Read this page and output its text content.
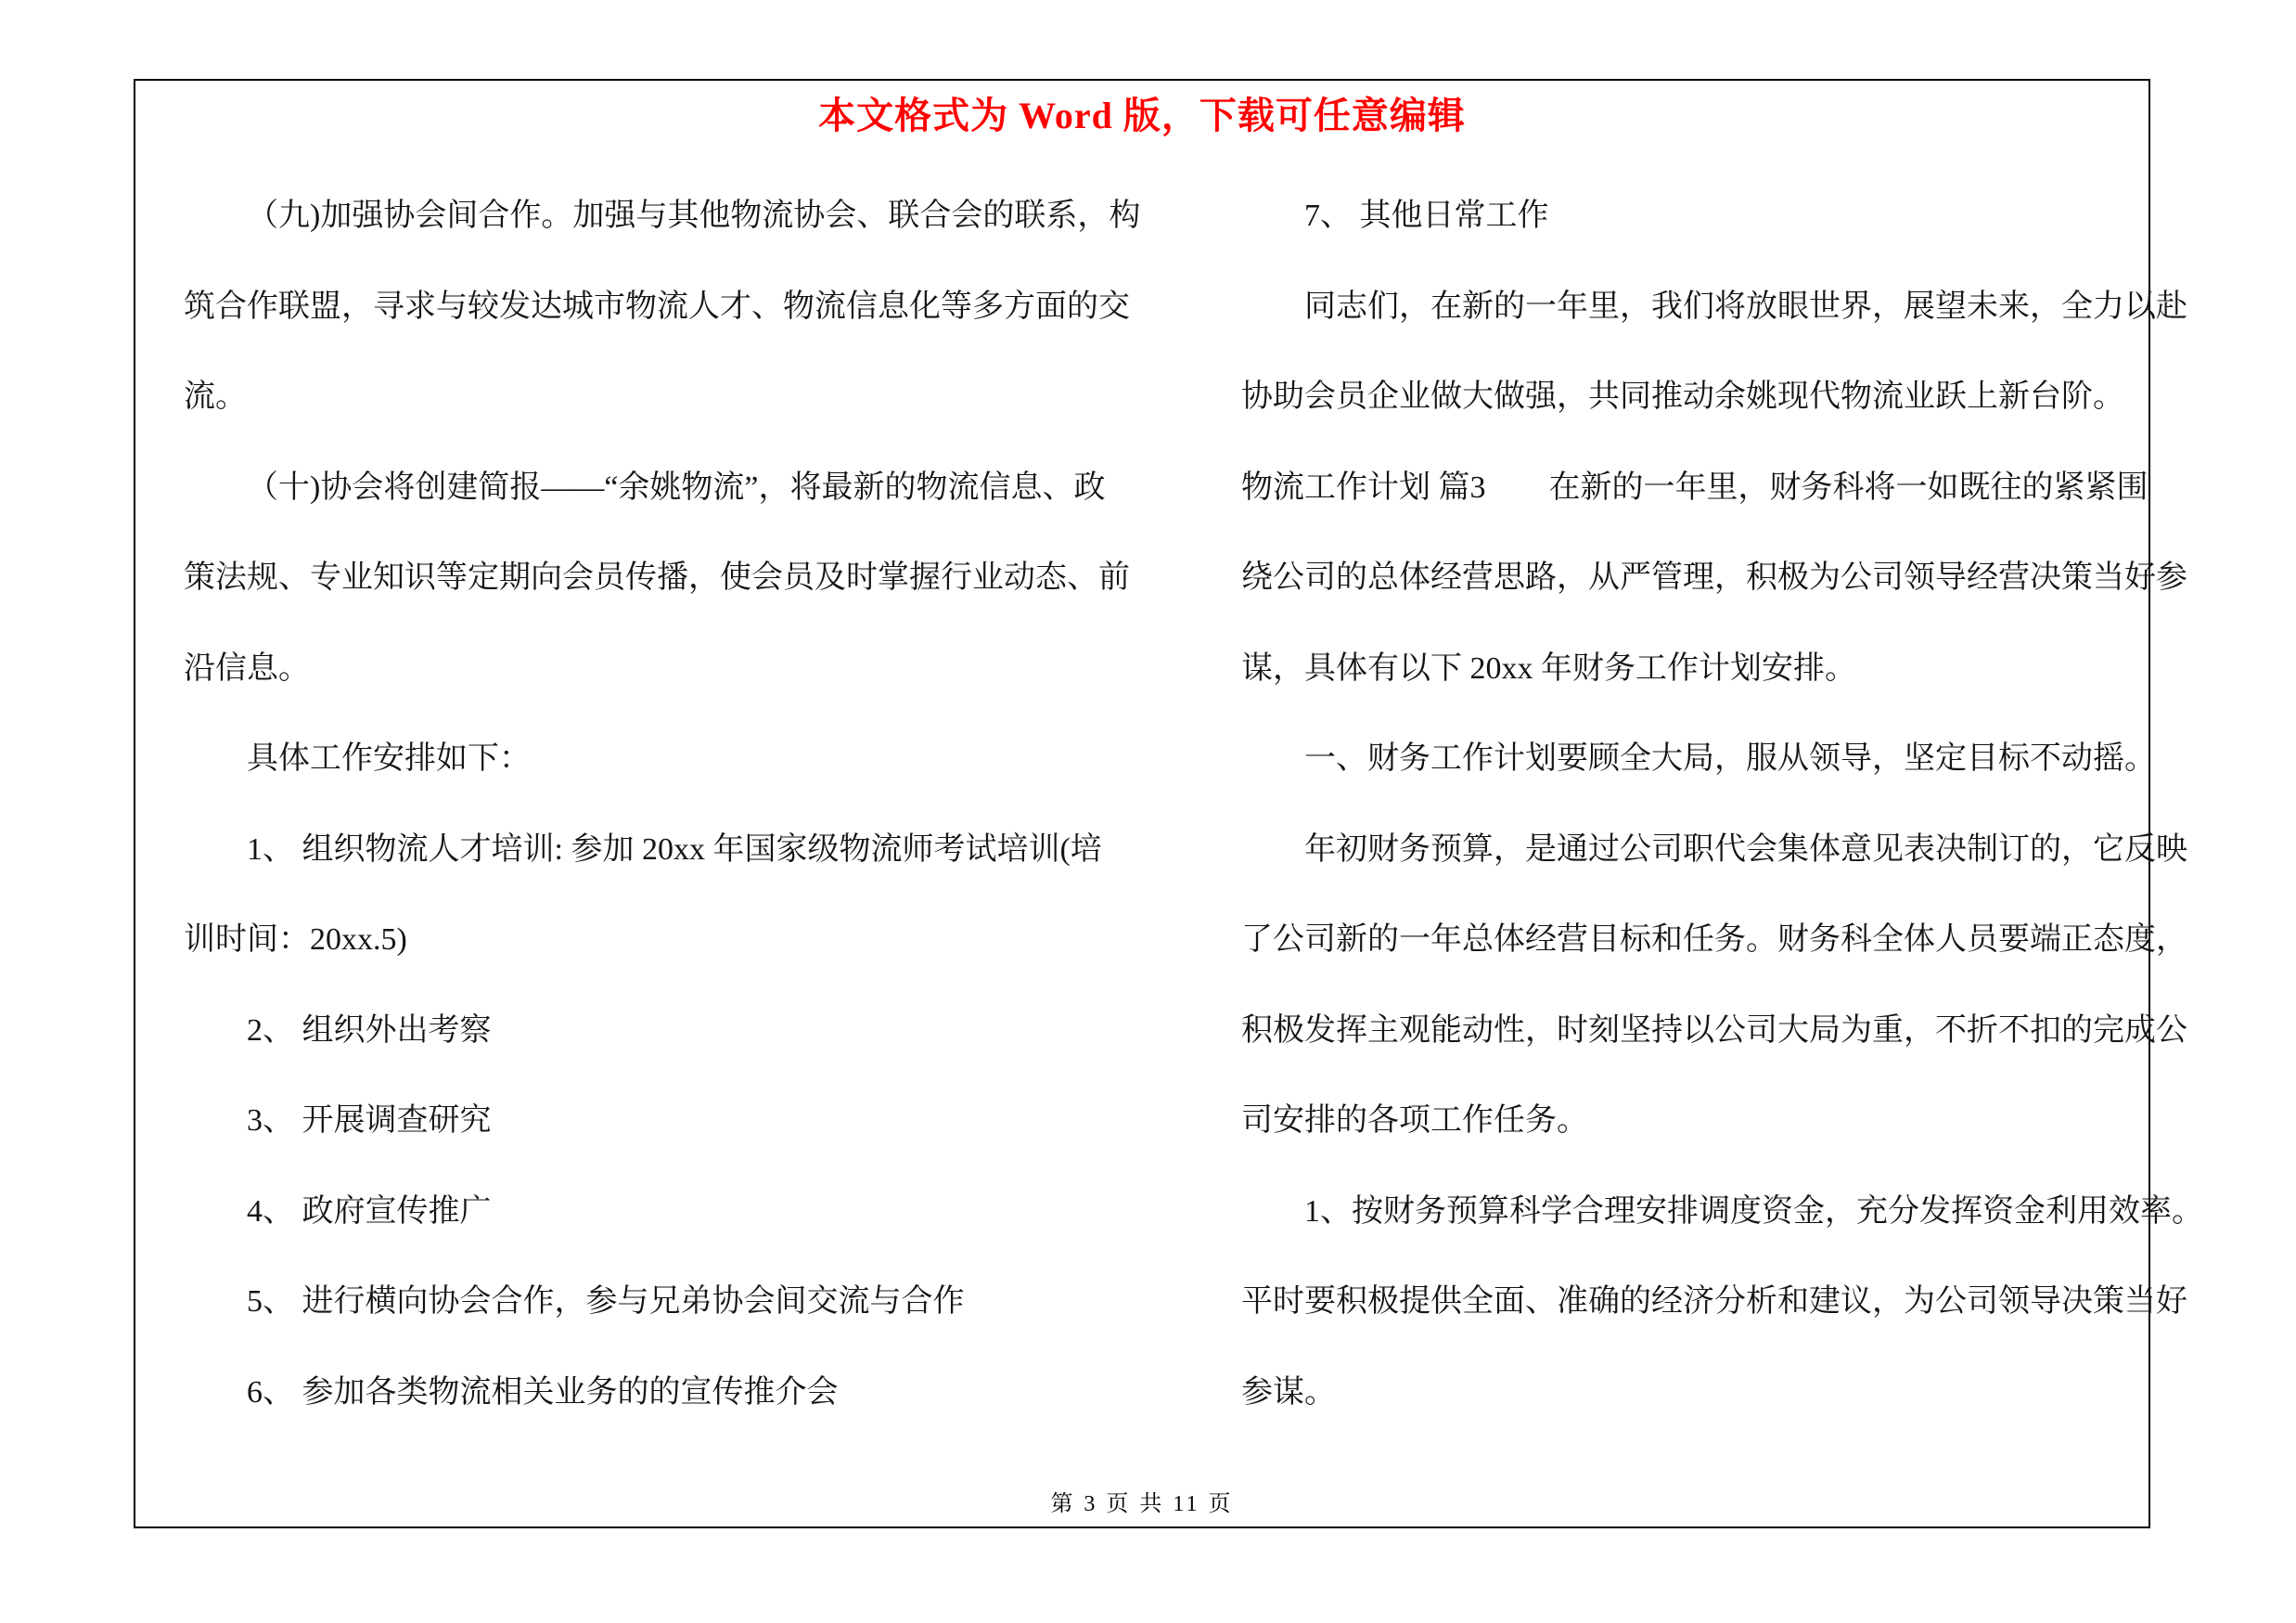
本文格式为 Word 版，下载可任意编辑
（九)加强协会间合作。加强与其他物流协会、联合会的联系，构
筑合作联盟，寻求与较发达城市物流人才、物流信息化等多方面的交
流。
（十)协会将创建简报——“余姚物流”，将最新的物流信息、政
策法规、专业知识等定期向会员传播，使会员及时掌握行业动态、前
沿信息。
具体工作安排如下：
1、 组织物流人才培训: 参加 20xx 年国家级物流师考试培训(培
训时间：20xx.5)
2、 组织外出考察
3、 开展调查研究
4、 政府宣传推广
5、 进行横向协会合作，参与兄弟协会间交流与合作
6、 参加各类物流相关业务的的宣传推介会
7、 其他日常工作
同志们，在新的一年里，我们将放眼世界，展望未来，全力以赴
协助会员企业做大做强，共同推动余姚现代物流业跃上新台阶。
物流工作计划 篇3　　在新的一年里，财务科将一如既往的紧紧围
绕公司的总体经营思路，从严管理，积极为公司领导经营决策当好参
谋，具体有以下 20xx 年财务工作计划安排。
一、财务工作计划要顾全大局，服从领导，坚定目标不动摇。
年初财务预算，是通过公司职代会集体意见表决制订的，它反映
了公司新的一年总体经营目标和任务。财务科全体人员要端正态度，
积极发挥主观能动性，时刻坚持以公司大局为重，不折不扣的完成公
司安排的各项工作任务。
1、按财务预算科学合理安排调度资金，充分发挥资金利用效率。
平时要积极提供全面、准确的经济分析和建议，为公司领导决策当好
参谋。
第 3 页 共 11 页
